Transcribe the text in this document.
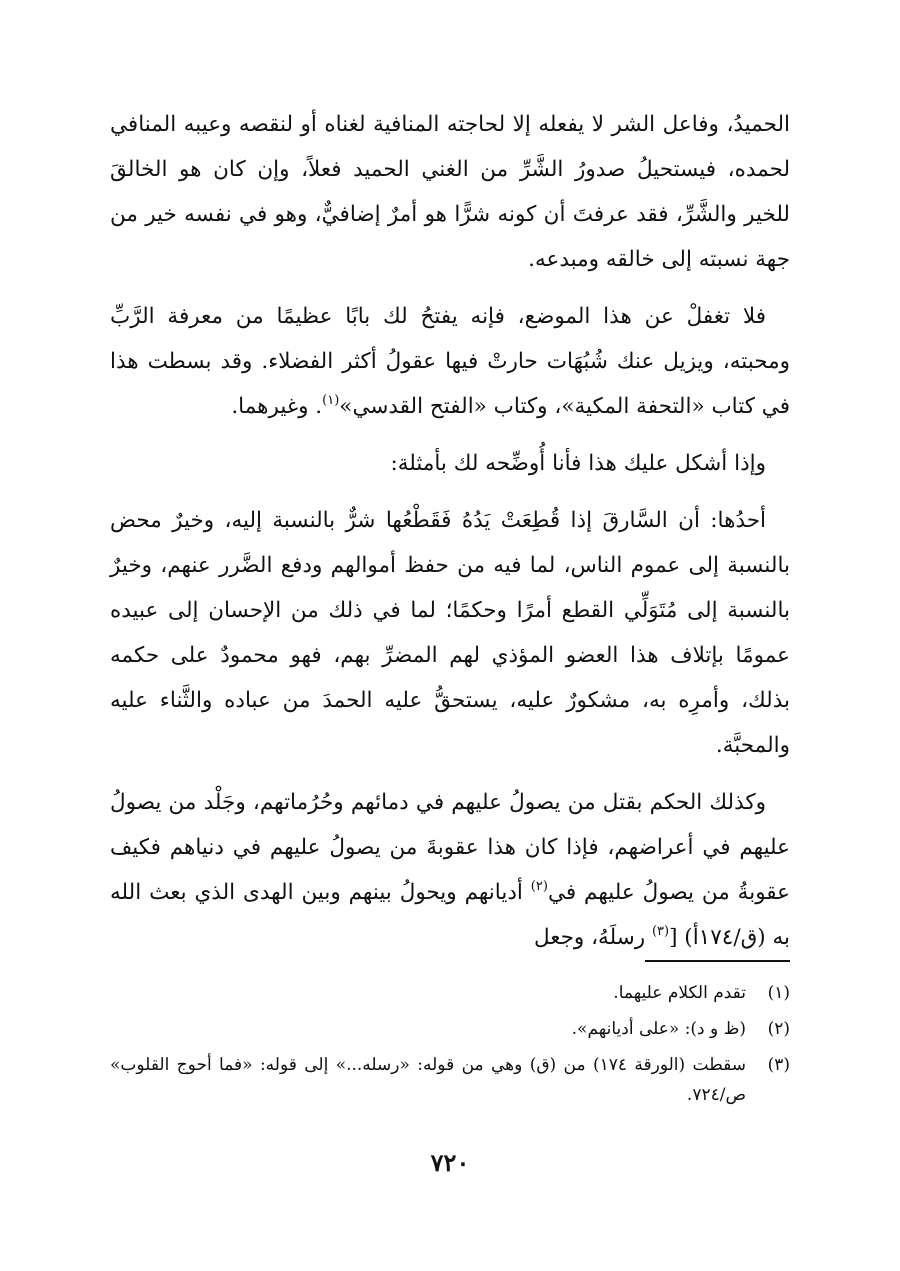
الحميدُ، وفاعل الشر لا يفعله إلا لحاجته المنافية لغناه أو لنقصه وعيبه المنافي لحمده، فيستحيلُ صدورُ الشَّرِّ من الغني الحميد فعلاً، وإن كان هو الخالقَ للخير والشَّرِّ، فقد عرفتَ أن كونه شرًّا هو أمرٌ إضافيٌّ، وهو في نفسه خير من جهة نسبته إلى خالقه ومبدعه.

فلا تغفلْ عن هذا الموضع، فإنه يفتحُ لك بابًا عظيمًا من معرفة الرَّبِّ ومحبته، ويزيل عنك شُبُهَات حارتْ فيها عقولُ أكثر الفضلاء. وقد بسطت هذا في كتاب «التحفة المكية»، وكتاب «الفتح القدسي»$^{(١)}$. وغيرهما.

وإذا أشكل عليك هذا فأنا أُوضِّحه لك بأمثلة:

أحدُها: أن السَّارقَ إذا قُطِعَتْ يَدُهُ فَقَطْعُها شرٌّ بالنسبة إليه، وخيرٌ محض بالنسبة إلى عموم الناس، لما فيه من حفظ أموالهم ودفع الضَّرر عنهم، وخيرٌ بالنسبة إلى مُتَوَلِّي القطع أمرًا وحكمًا؛ لما في ذلك من الإحسان إلى عبيده عمومًا بإتلاف هذا العضو المؤذي لهم المضرِّ بهم، فهو محمودٌ على حكمه بذلك، وأمرِه به، مشكورٌ عليه، يستحقُّ عليه الحمدَ من عباده والثَّناء عليه والمحبَّة.

وكذلك الحكم بقتل من يصولُ عليهم في دمائهم وحُرُماتهم، وجَلْد من يصولُ عليهم في أعراضهم، فإذا كان هذا عقوبةَ من يصولُ عليهم في دنياهم فكيف عقوبةُ من يصولُ عليهم في$^{(٢)}$ أديانهم ويحولُ بينهم وبين الهدى الذي بعث الله به (ق/١٧٤أ) [$^{(٣)}$ رسلَهُ، وجعل

(١)
تقدم الكلام عليهما.
(٢)
(ظ و د): «على أديانهم».
(٣)
سقطت (الورقة ١٧٤) من (ق) وهي من قوله: «رسله...» إلى قوله: «فما أحوج القلوب» ص/٧٢٤.
٧٢٠
